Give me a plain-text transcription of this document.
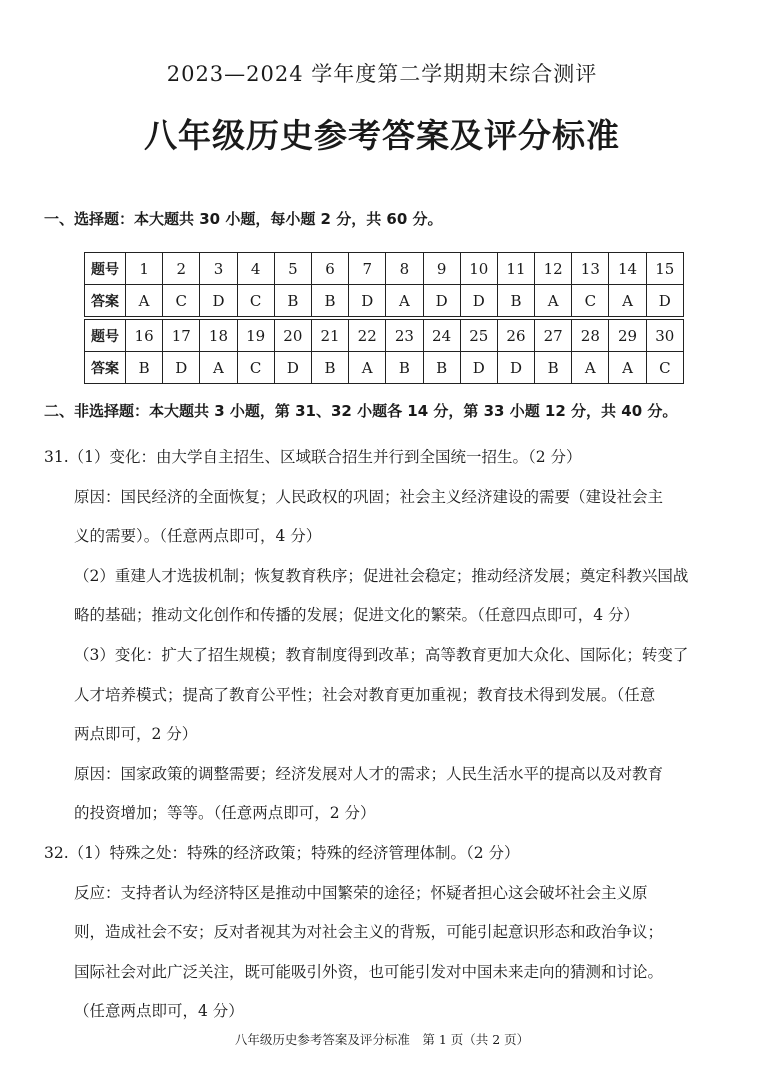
2023—2024 学年度第二学期期末综合测评
八年级历史参考答案及评分标准
一、选择题：本大题共 30 小题，每小题 2 分，共 60 分。
题号	1	2	3	4	5	6	7	8	9	10	11	12	13	14	15
答案	A	C	D	C	B	B	D	A	D	D	B	A	C	A	D

题号	16	17	18	19	20	21	22	23	24	25	26	27	28	29	30
答案	B	D	A	C	D	B	A	B	B	D	D	B	A	A	C
二、非选择题：本大题共 3 小题，第 31、32 小题各 14 分，第 33 小题 12 分，共 40 分。

31.（1）变化：由大学自主招生、区域联合招生并行到全国统一招生。（2 分）

原因：国民经济的全面恢复；人民政权的巩固；社会主义经济建设的需要（建设社会主

义的需要）。（任意两点即可，4 分）

（2）重建人才选拔机制；恢复教育秩序；促进社会稳定；推动经济发展；奠定科教兴国战

略的基础；推动文化创作和传播的发展；促进文化的繁荣。（任意四点即可，4 分）

（3）变化：扩大了招生规模；教育制度得到改革；高等教育更加大众化、国际化；转变了

人才培养模式；提高了教育公平性；社会对教育更加重视；教育技术得到发展。（任意

两点即可，2 分）

原因：国家政策的调整需要；经济发展对人才的需求；人民生活水平的提高以及对教育

的投资增加；等等。（任意两点即可，2 分）

32.（1）特殊之处：特殊的经济政策；特殊的经济管理体制。（2 分）

反应：支持者认为经济特区是推动中国繁荣的途径；怀疑者担心这会破坏社会主义原

则，造成社会不安；反对者视其为对社会主义的背叛，可能引起意识形态和政治争议；

国际社会对此广泛关注，既可能吸引外资，也可能引发对中国未来走向的猜测和讨论。

（任意两点即可，4 分）

八年级历史参考答案及评分标准　第 1 页（共 2 页）
